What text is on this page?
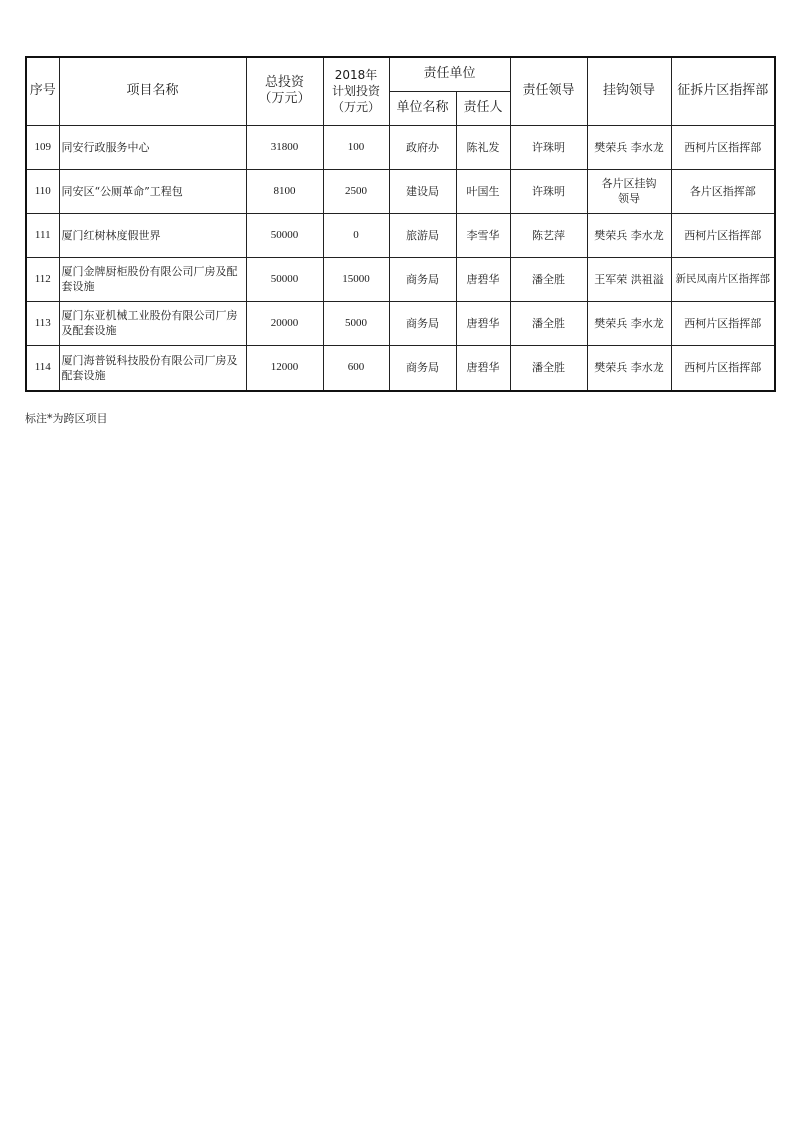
序号	项目名称	总投资（万元）	2018年计划投资（万元）	责任单位		责任领导	挂钩领导	征拆片区指挥部
				单位名称	责任人			
109	同安行政服务中心	31800	100	政府办	陈礼发	许珠明	樊荣兵 李水龙	西柯片区指挥部
110	同安区“公厕革命”工程包	8100	2500	建设局	叶国生	许珠明	各片区挂钩领导	各片区指挥部
111	厦门红树林度假世界	50000	0	旅游局	李雪华	陈艺萍	樊荣兵 李水龙	西柯片区指挥部
112	厦门金牌厨柜股份有限公司厂房及配套设施	50000	15000	商务局	唐碧华	潘全胜	王军荣 洪祖溢	新民凤南片区指挥部
113	厦门东亚机械工业股份有限公司厂房及配套设施	20000	5000	商务局	唐碧华	潘全胜	樊荣兵 李水龙	西柯片区指挥部
114	厦门海普锐科技股份有限公司厂房及配套设施	12000	600	商务局	唐碧华	潘全胜	樊荣兵 李水龙	西柯片区指挥部
标注*为跨区项目
